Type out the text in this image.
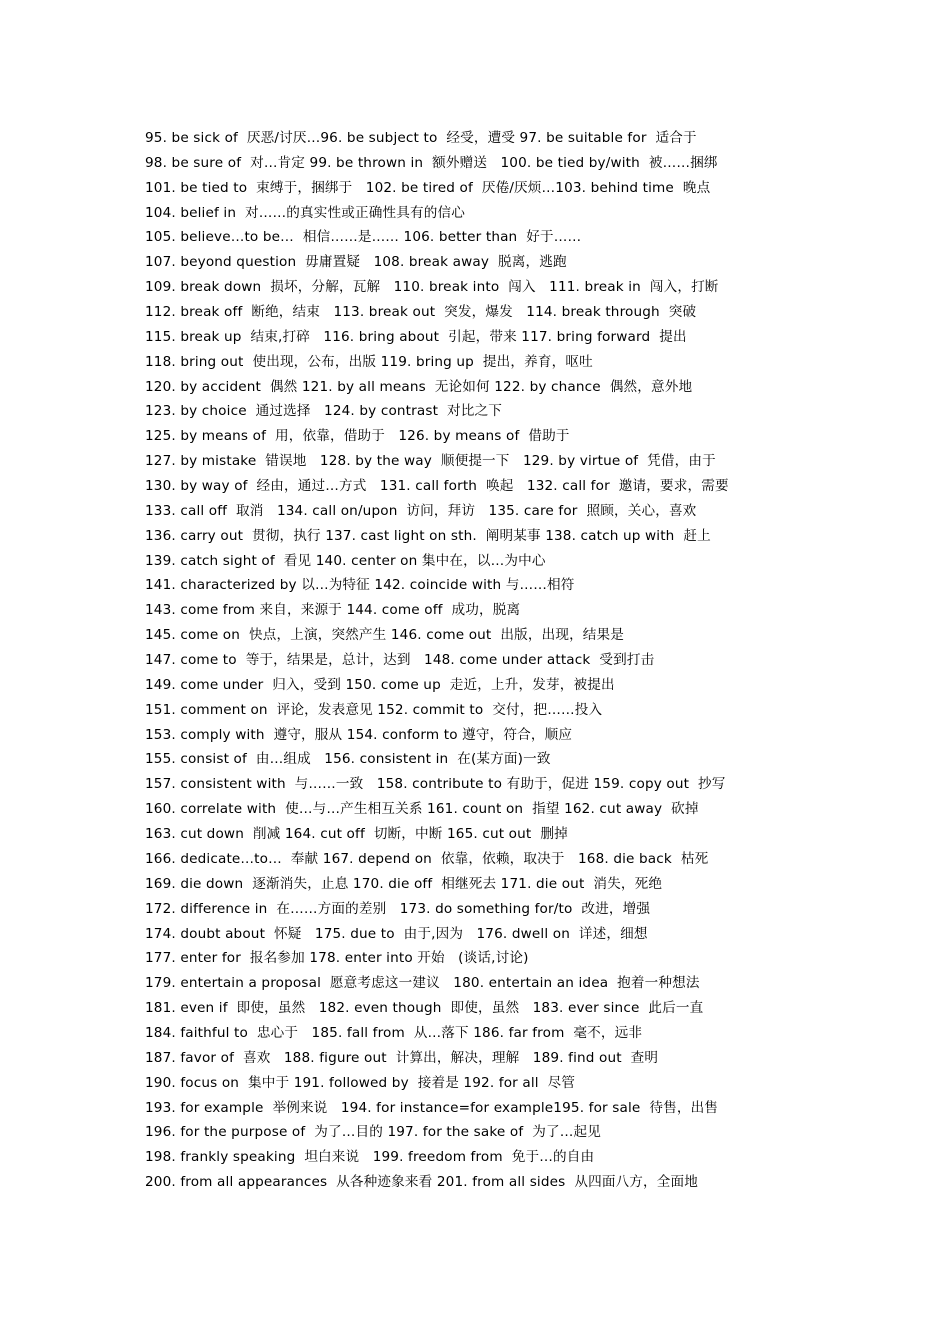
95. be sick of  厌恶/讨厌…96. be subject to  经受，遭受 97. be suitable for  适合于
98. be sure of  对…肯定 99. be thrown in  额外赠送   100. be tied by/with  被……捆绑
101. be tied to  束缚于，捆绑于   102. be tired of  厌倦/厌烦…103. behind time  晚点
104. belief in  对……的真实性或正确性具有的信心
105. believe…to be…  相信……是…… 106. better than  好于……
107. beyond question  毋庸置疑   108. break away  脱离，逃跑
109. break down  损坏，分解，瓦解   110. break into  闯入   111. break in  闯入，打断
112. break off  断绝，结束   113. break out  突发，爆发   114. break through  突破
115. break up  结束,打碎   116. bring about  引起，带来 117. bring forward  提出
118. bring out  使出现，公布，出版 119. bring up  提出，养育，呕吐
120. by accident  偶然 121. by all means  无论如何 122. by chance  偶然，意外地
123. by choice  通过选择   124. by contrast  对比之下
125. by means of  用，依靠，借助于   126. by means of  借助于
127. by mistake  错误地   128. by the way  顺便提一下   129. by virtue of  凭借，由于
130. by way of  经由，通过…方式   131. call forth  唤起   132. call for  邀请，要求，需要
133. call off  取消   134. call on/upon  访问，拜访   135. care for  照顾，关心，喜欢
136. carry out  贯彻，执行 137. cast light on sth.  阐明某事 138. catch up with  赶上
139. catch sight of  看见 140. center on 集中在，以…为中心
141. characterized by 以…为特征 142. coincide with 与……相符
143. come from 来自，来源于 144. come off  成功，脱离
145. come on  快点，上演，突然产生 146. come out  出版，出现，结果是
147. come to  等于，结果是，总计，达到   148. come under attack  受到打击
149. come under  归入，受到 150. come up  走近，上升，发芽，被提出
151. comment on  评论，发表意见 152. commit to  交付，把……投入
153. comply with  遵守，服从 154. conform to 遵守，符合，顺应
155. consist of  由…组成   156. consistent in  在(某方面)一致
157. consistent with  与……一致   158. contribute to 有助于，促进 159. copy out  抄写
160. correlate with  使…与…产生相互关系 161. count on  指望 162. cut away  砍掉
163. cut down  削减 164. cut off  切断，中断 165. cut out  删掉
166. dedicate…to…  奉献 167. depend on  依靠，依赖，取决于   168. die back  枯死
169. die down  逐渐消失，止息 170. die off  相继死去 171. die out  消失，死绝
172. difference in  在……方面的差别   173. do something for/to  改进，增强
174. doubt about  怀疑   175. due to  由于,因为   176. dwell on  详述，细想
177. enter for  报名参加 178. enter into 开始   (谈话,讨论)
179. entertain a proposal  愿意考虑这一建议   180. entertain an idea  抱着一种想法
181. even if  即使，虽然   182. even though  即使，虽然   183. ever since  此后一直
184. faithful to  忠心于   185. fall from  从…落下 186. far from  毫不，远非
187. favor of  喜欢   188. figure out  计算出，解决，理解   189. find out  查明
190. focus on  集中于 191. followed by  接着是 192. for all  尽管
193. for example  举例来说   194. for instance=for example195. for sale  待售，出售
196. for the purpose of  为了…目的 197. for the sake of  为了…起见
198. frankly speaking  坦白来说   199. freedom from  免于…的自由
200. from all appearances  从各种迹象来看 201. from all sides  从四面八方，全面地
